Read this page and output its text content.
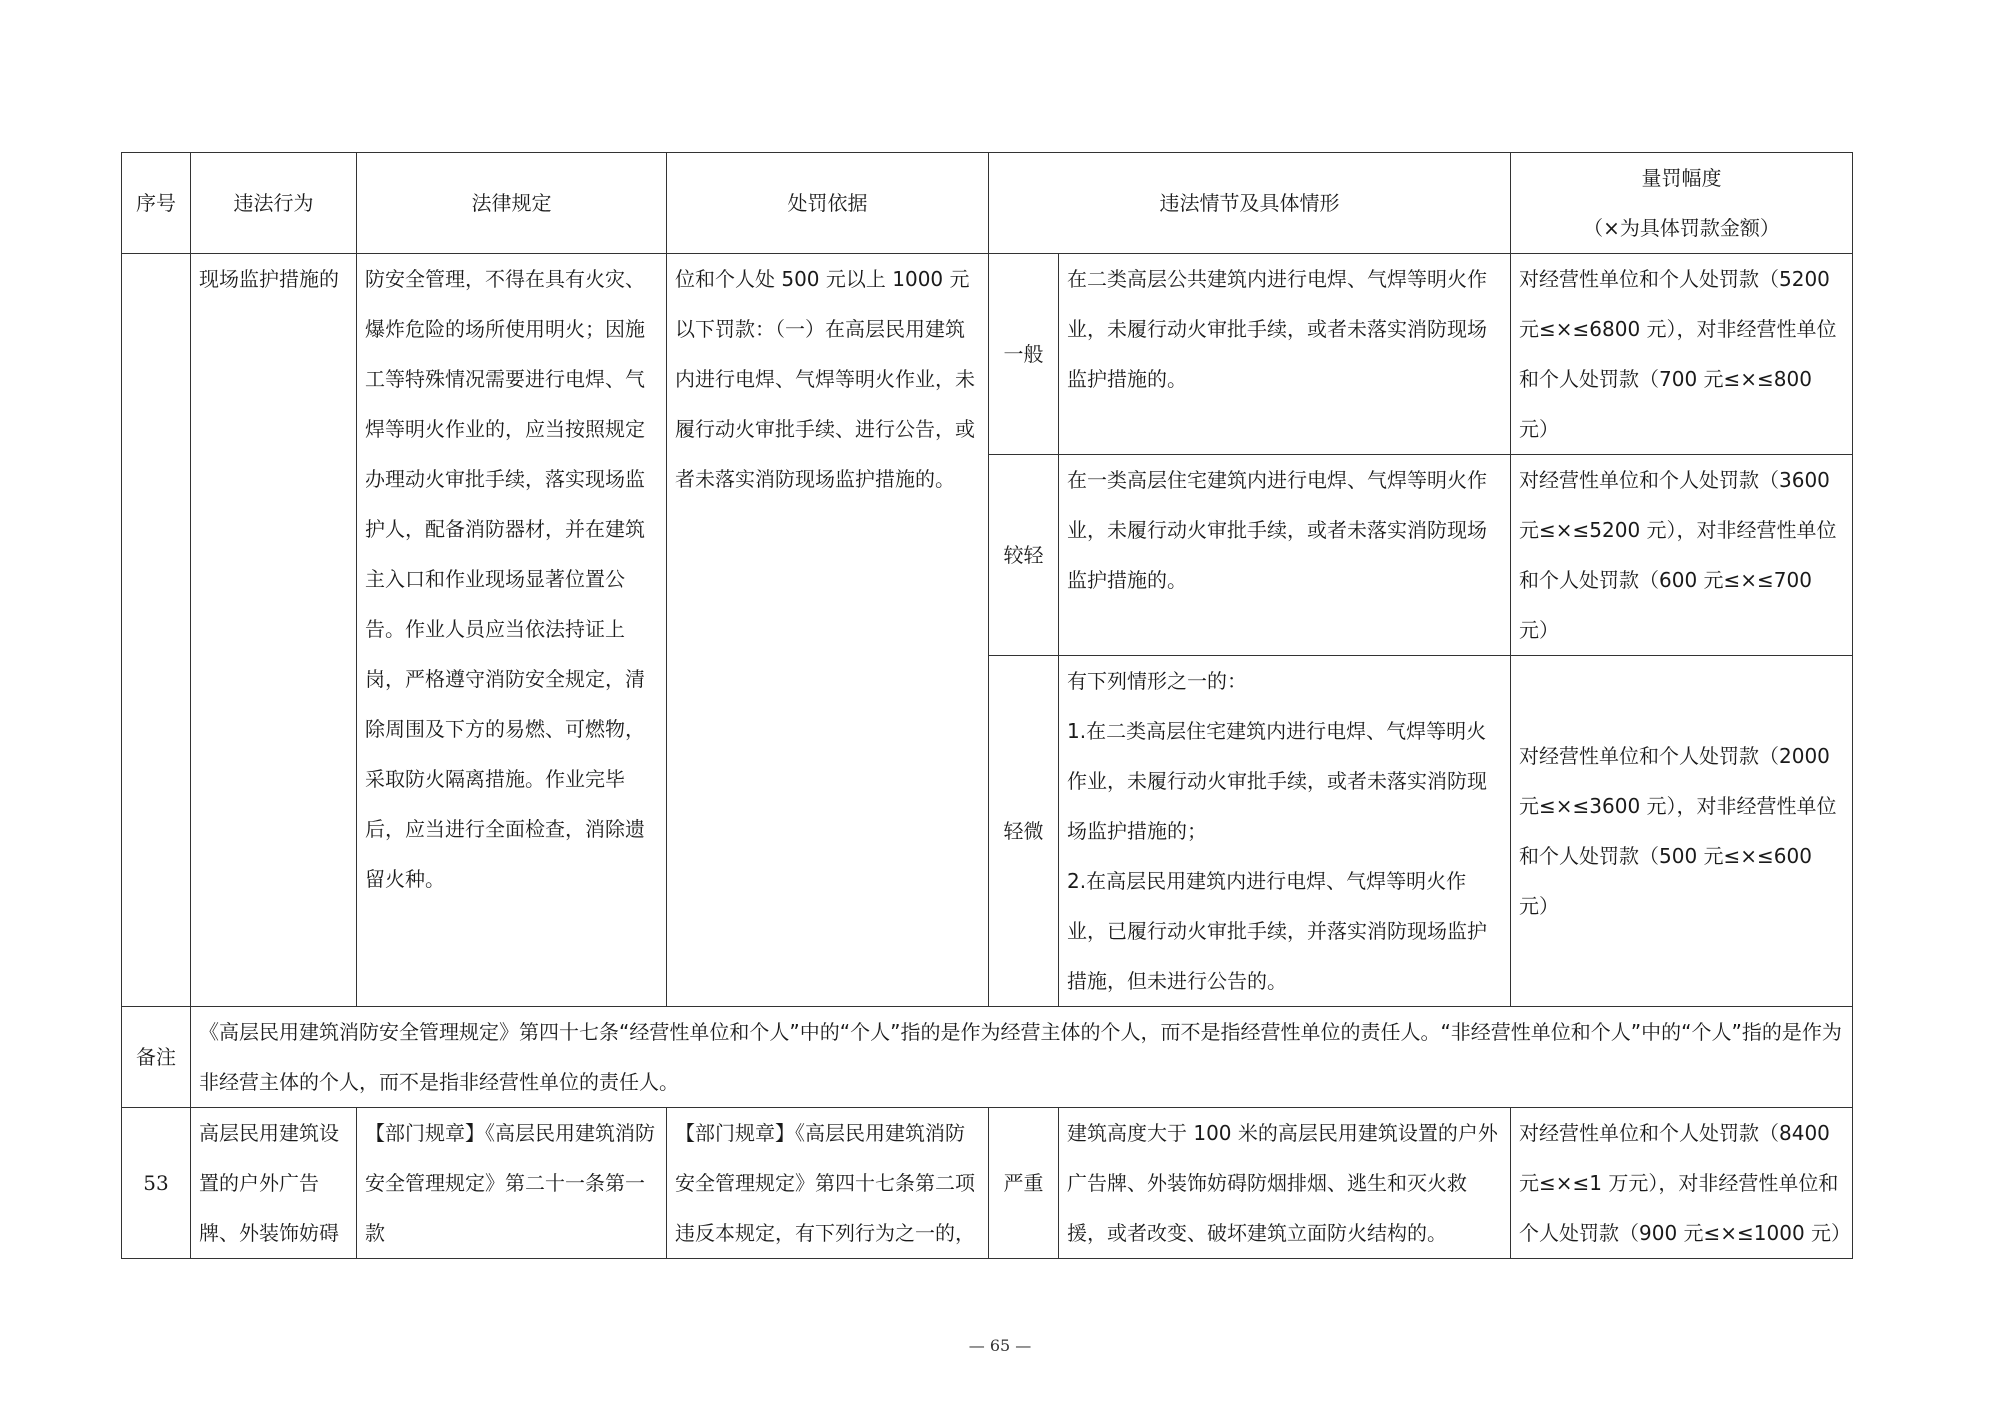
序号	违法行为	法律规定	处罚依据	违法情节及具体情形		量罚幅度
（×为具体罚款金额）

	现场监护措施的	防安全管理，不得在具有火灾、爆炸危险的场所使用明火；因施工等特殊情况需要进行电焊、气焊等明火作业的，应当按照规定办理动火审批手续，落实现场监护人，配备消防器材，并在建筑主入口和作业现场显著位置公告。作业人员应当依法持证上岗，严格遵守消防安全规定，清除周围及下方的易燃、可燃物，采取防火隔离措施。作业完毕后，应当进行全面检查，消除遗留火种。	位和个人处 500 元以上 1000 元以下罚款：（一）在高层民用建筑内进行电焊、气焊等明火作业，未履行动火审批手续、进行公告，或者未落实消防现场监护措施的。	一般	在二类高层公共建筑内进行电焊、气焊等明火作业，未履行动火审批手续，或者未落实消防现场监护措施的。	对经营性单位和个人处罚款（5200 元≤×≤6800 元），对非经营性单位和个人处罚款（700 元≤×≤800 元）
				较轻	在一类高层住宅建筑内进行电焊、气焊等明火作业，未履行动火审批手续，或者未落实消防现场监护措施的。	对经营性单位和个人处罚款（3600 元≤×≤5200 元），对非经营性单位和个人处罚款（600 元≤×≤700 元）
				轻微	有下列情形之一的：
1.在二类高层住宅建筑内进行电焊、气焊等明火作业，未履行动火审批手续，或者未落实消防现场监护措施的；
2.在高层民用建筑内进行电焊、气焊等明火作业，已履行动火审批手续，并落实消防现场监护措施，但未进行公告的。	对经营性单位和个人处罚款（2000 元≤×≤3600 元），对非经营性单位和个人处罚款（500 元≤×≤600 元）
备注	《高层民用建筑消防安全管理规定》第四十七条“经营性单位和个人”中的“个人”指的是作为经营主体的个人，而不是指经营性单位的责任人。“非经营性单位和个人”中的“个人”指的是作为非经营主体的个人，而不是指非经营性单位的责任人。					
53	高层民用建筑设置的户外广告牌、外装饰妨碍	【部门规章】《高层民用建筑消防安全管理规定》第二十一条第一款	【部门规章】《高层民用建筑消防安全管理规定》第四十七条第二项违反本规定，有下列行为之一的，	严重	建筑高度大于 100 米的高层民用建筑设置的户外广告牌、外装饰妨碍防烟排烟、逃生和灭火救援，或者改变、破坏建筑立面防火结构的。	对经营性单位和个人处罚款（8400 元≤×≤1 万元），对非经营性单位和个人处罚款（900 元≤×≤1000 元）
— 65 —
